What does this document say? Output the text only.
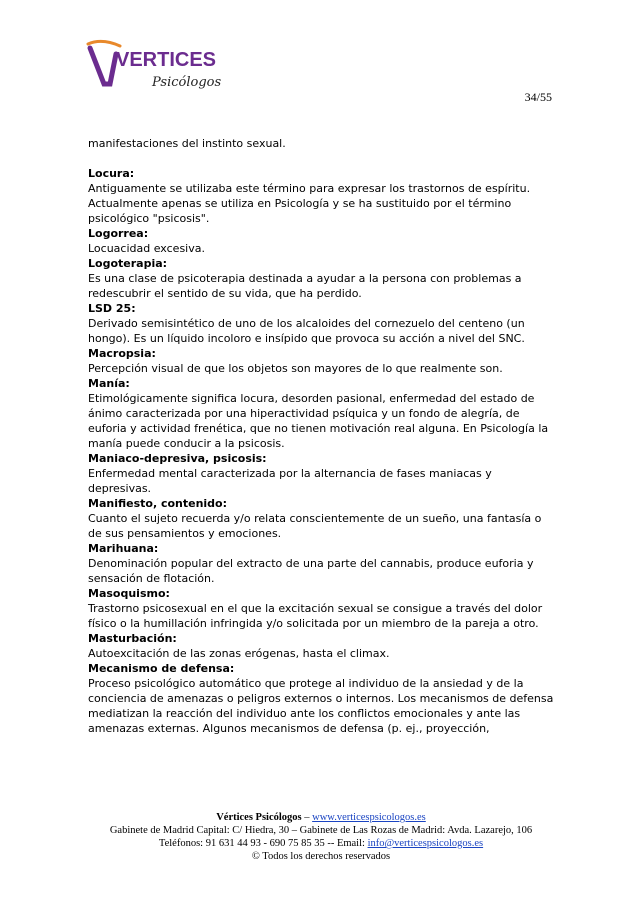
VERTICES
Psicólogos
34/55

manifestaciones del instinto sexual.

Locura:
Antiguamente se utilizaba este término para expresar los trastornos de espíritu. Actualmente apenas se utiliza en Psicología y se ha sustituido por el término psicológico "psicosis".

Logorrea:
Locuacidad excesiva.

Logoterapia:
Es una clase de psicoterapia destinada a ayudar a la persona con problemas a redescubrir el sentido de su vida, que ha perdido.

LSD 25:
Derivado semisintético de uno de los alcaloides del cornezuelo del centeno (un hongo). Es un líquido incoloro e insípido que provoca su acción a nivel del SNC.

Macropsia:
Percepción visual de que los objetos son mayores de lo que realmente son.

Manía:
Etimológicamente significa locura, desorden pasional, enfermedad del estado de ánimo caracterizada por una hiperactividad psíquica y un fondo de alegría, de euforia y actividad frenética, que no tienen motivación real alguna. En Psicología la manía puede conducir a la psicosis.

Maniaco-depresiva, psicosis:
Enfermedad mental caracterizada por la alternancia de fases maniacas y depresivas.

Manifiesto, contenido:
Cuanto el sujeto recuerda y/o relata conscientemente de un sueño, una fantasía o de sus pensamientos y emociones.

Marihuana:
Denominación popular del extracto de una parte del cannabis, produce euforia y sensación de flotación.

Masoquismo:
Trastorno psicosexual en el que la excitación sexual se consigue a través del dolor físico o la humillación infringida y/o solicitada por un miembro de la pareja a otro.

Masturbación:
Autoexcitación de las zonas erógenas, hasta el climax.

Mecanismo de defensa:
Proceso psicológico automático que protege al individuo de la ansiedad y de la conciencia de amenazas o peligros externos o internos. Los mecanismos de defensa mediatizan la reacción del individuo ante los conflictos emocionales y ante las amenazas externas. Algunos mecanismos de defensa (p. ej., proyección,

Vértices Psicólogos – www.verticespsicologos.es
Gabinete de Madrid Capital: C/ Hiedra, 30 – Gabinete de Las Rozas de Madrid: Avda. Lazarejo, 106
Teléfonos: 91 631 44 93 - 690 75 85 35 -- Email: info@verticespsicologos.es
© Todos los derechos reservados
